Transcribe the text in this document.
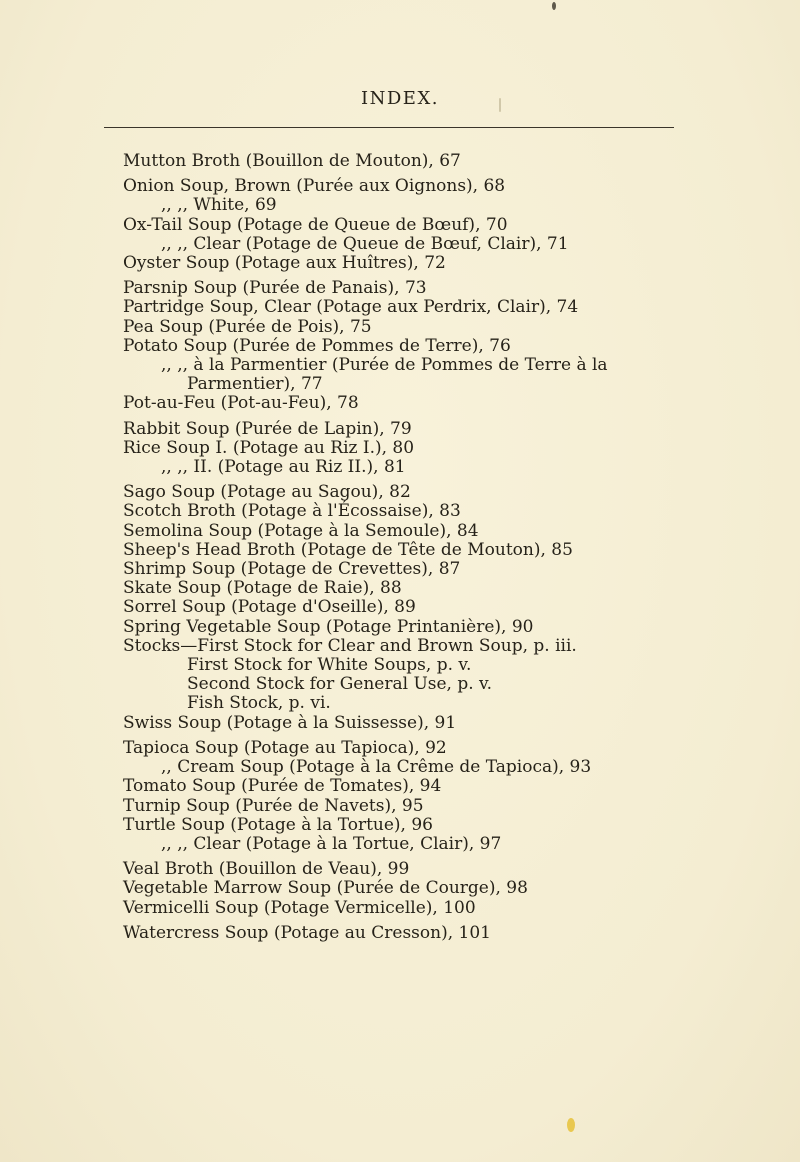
INDEX.
Mutton Broth (Bouillon de Mouton), 67
Onion Soup, Brown (Purée aux Oignons), 68
,, ,, White, 69
Ox-Tail Soup (Potage de Queue de Bœuf), 70
,, ,, Clear (Potage de Queue de Bœuf, Clair), 71
Oyster Soup (Potage aux Huîtres), 72
Parsnip Soup (Purée de Panais), 73
Partridge Soup, Clear (Potage aux Perdrix, Clair), 74
Pea Soup (Purée de Pois), 75
Potato Soup (Purée de Pommes de Terre), 76
,, ,, à la Parmentier (Purée de Pommes de Terre à la
Parmentier), 77
Pot-au-Feu (Pot-au-Feu), 78
Rabbit Soup (Purée de Lapin), 79
Rice Soup I. (Potage au Riz I.), 80
,, ,, II. (Potage au Riz II.), 81
Sago Soup (Potage au Sagou), 82
Scotch Broth (Potage à l'Écossaise), 83
Semolina Soup (Potage à la Semoule), 84
Sheep's Head Broth (Potage de Tête de Mouton), 85
Shrimp Soup (Potage de Crevettes), 87
Skate Soup (Potage de Raie), 88
Sorrel Soup (Potage d'Oseille), 89
Spring Vegetable Soup (Potage Printanière), 90
Stocks—First Stock for Clear and Brown Soup, p. iii.
First Stock for White Soups, p. v.
Second Stock for General Use, p. v.
Fish Stock, p. vi.
Swiss Soup (Potage à la Suissesse), 91
Tapioca Soup (Potage au Tapioca), 92
,, Cream Soup (Potage à la Crême de Tapioca), 93
Tomato Soup (Purée de Tomates), 94
Turnip Soup (Purée de Navets), 95
Turtle Soup (Potage à la Tortue), 96
,, ,, Clear (Potage à la Tortue, Clair), 97
Veal Broth (Bouillon de Veau), 99
Vegetable Marrow Soup (Purée de Courge), 98
Vermicelli Soup (Potage Vermicelle), 100
Watercress Soup (Potage au Cresson), 101
